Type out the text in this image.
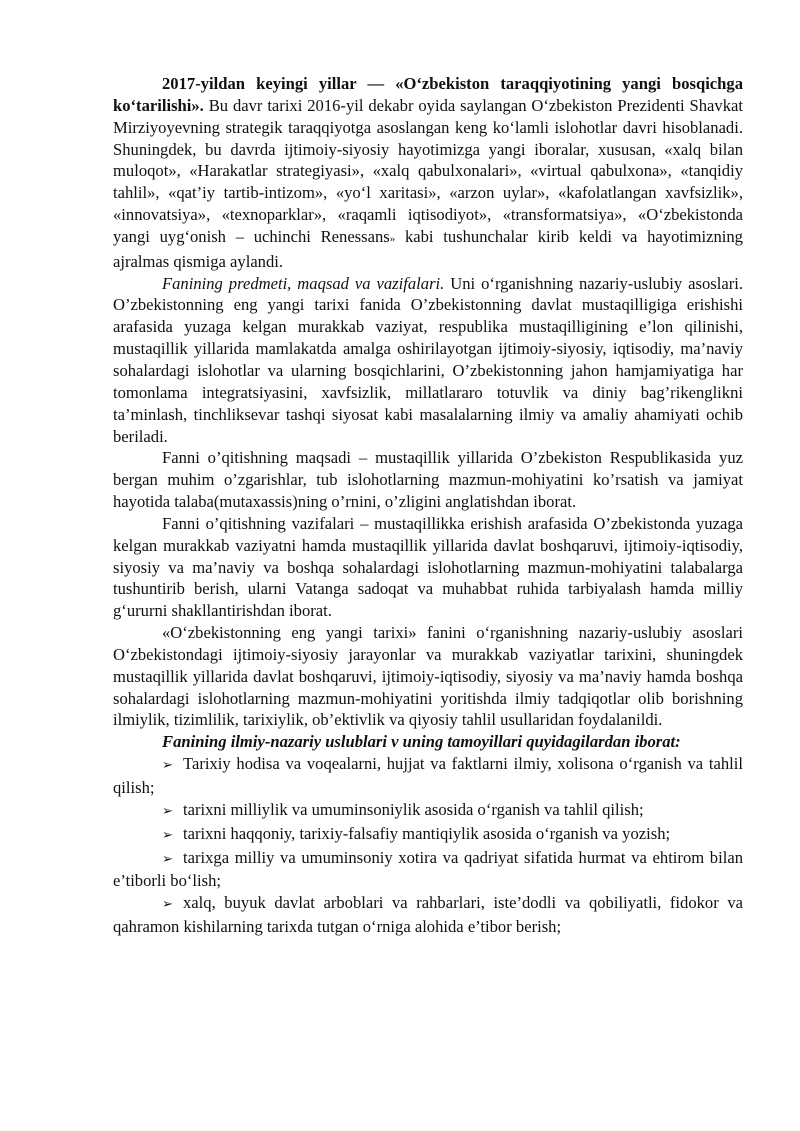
2017-yildan keyingi yillar — «O‘zbekiston taraqqiyotining yangi bosqichga ko‘tarilishi». Bu davr tarixi 2016-yil dekabr oyida saylangan O‘zbekiston Prezidenti Shavkat Mirziyoyevning strategik taraqqiyotga asoslangan keng ko‘lamli islohotlar davri hisoblanadi. Shuningdek, bu davrda ijtimoiy-siyosiy hayotimizga yangi iboralar, xususan, «xalq bilan muloqot», «Harakatlar strategiyasi», «xalq qabulxonalari», «virtual qabulxona», «tanqidiy tahlil», «qat’iy tartib-intizom», «yo‘l xaritasi», «arzon uylar», «kafolatlangan xavfsizlik», «innovatsiya», «texnoparklar», «raqamli iqtisodiyot», «transformatsiya», «O‘zbekistonda yangi uyg‘onish – uchinchi Renessans» kabi tushunchalar kirib keldi va hayotimizning ajralmas qismiga aylandi.

Fanining predmeti, maqsad va vazifalari. Uni o‘rganishning nazariy-uslubiy asoslari. O’zbekistonning eng yangi tarixi fanida O’zbekistonning davlat mustaqilligiga erishishi arafasida yuzaga kelgan murakkab vaziyat, respublika mustaqilligining e’lon qilinishi, mustaqillik yillarida mamlakatda amalga oshirilayotgan ijtimoiy-siyosiy, iqtisodiy, ma’naviy sohalardagi islohotlar va ularning bosqichlarini, O’zbekistonning jahon hamjamiyatiga har tomonlama integratsiyasini, xavfsizlik, millatlararo totuvlik va diniy bag’rikenglikni ta’minlash, tinchliksevar tashqi siyosat kabi masalalarning ilmiy va amaliy ahamiyati ochib beriladi.

Fanni o’qitishning maqsadi – mustaqillik yillarida O’zbekiston Respublikasida yuz bergan muhim o’zgarishlar, tub islohotlarning mazmun-mohiyatini ko’rsatish va jamiyat hayotida talaba(mutaxassis)ning o’rnini, o’zligini anglatishdan iborat.

Fanni o’qitishning vazifalari – mustaqillikka erishish arafasida O’zbekistonda yuzaga kelgan murakkab vaziyatni hamda mustaqillik yillarida davlat boshqaruvi, ijtimoiy-iqtisodiy, siyosiy va ma’naviy va boshqa sohalardagi islohotlarning mazmun-mohiyatini talabalarga tushuntirib berish, ularni Vatanga sadoqat va muhabbat ruhida tarbiyalash hamda milliy g‘ururni shakllantirishdan iborat.

«O‘zbekistonning eng yangi tarixi» fanini o‘rganishning nazariy-uslubiy asoslari O‘zbekistondagi ijtimoiy-siyosiy jarayonlar va murakkab vaziyatlar tarixini, shuningdek mustaqillik yillarida davlat boshqaruvi, ijtimoiy-iqtisodiy, siyosiy va ma’naviy hamda boshqa sohalardagi islohotlarning mazmun-mohiyatini yoritishda ilmiy tadqiqotlar olib borishning ilmiylik, tizimlilik, tarixiylik, ob’ektivlik va qiyosiy tahlil usullaridan foydalanildi.

Fanining ilmiy-nazariy uslublari v uning tamoyillari quyidagilardan iborat:

➢ Tarixiy hodisa va voqealarni, hujjat va faktlarni ilmiy, xolisona o‘rganish va tahlil qilish;

➢ tarixni milliylik va umuminsoniylik asosida o‘rganish va tahlil qilish;

➢ tarixni haqqoniy, tarixiy-falsafiy mantiqiylik asosida o‘rganish va yozish;

➢ tarixga milliy va umuminsoniy xotira va qadriyat sifatida hurmat va ehtirom bilan e’tiborli bo‘lish;

➢ xalq, buyuk davlat arboblari va rahbarlari, iste’dodli va qobiliyatli, fidokor va qahramon kishilarning tarixda tutgan o‘rniga alohida e’tibor berish;
